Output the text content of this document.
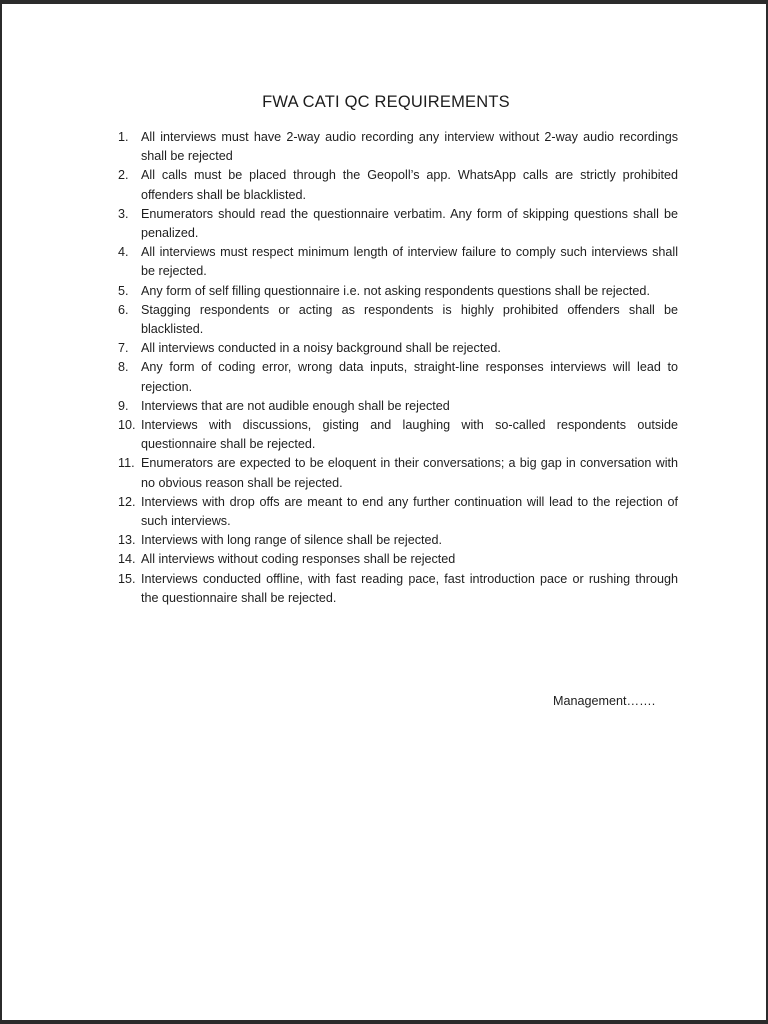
FWA CATI QC REQUIREMENTS
1. All interviews must have 2-way audio recording any interview without 2-way audio recordings shall be rejected
2. All calls must be placed through the Geopoll’s app. WhatsApp calls are strictly prohibited offenders shall be blacklisted.
3. Enumerators should read the questionnaire verbatim. Any form of skipping questions shall be penalized.
4. All interviews must respect minimum length of interview failure to comply such interviews shall be rejected.
5. Any form of self filling questionnaire i.e. not asking respondents questions shall be rejected.
6. Stagging respondents or acting as respondents is highly prohibited offenders shall be blacklisted.
7. All interviews conducted in a noisy background shall be rejected.
8. Any form of coding error, wrong data inputs, straight-line responses interviews will lead to rejection.
9. Interviews that are not audible enough shall be rejected
10. Interviews with discussions, gisting and laughing with so-called respondents outside questionnaire shall be rejected.
11. Enumerators are expected to be eloquent in their conversations; a big gap in conversation with no obvious reason shall be rejected.
12. Interviews with drop offs are meant to end any further continuation will lead to the rejection of such interviews.
13. Interviews with long range of silence shall be rejected.
14. All interviews without coding responses shall be rejected
15. Interviews conducted offline, with fast reading pace, fast introduction pace or rushing through the questionnaire shall be rejected.
Management…….
